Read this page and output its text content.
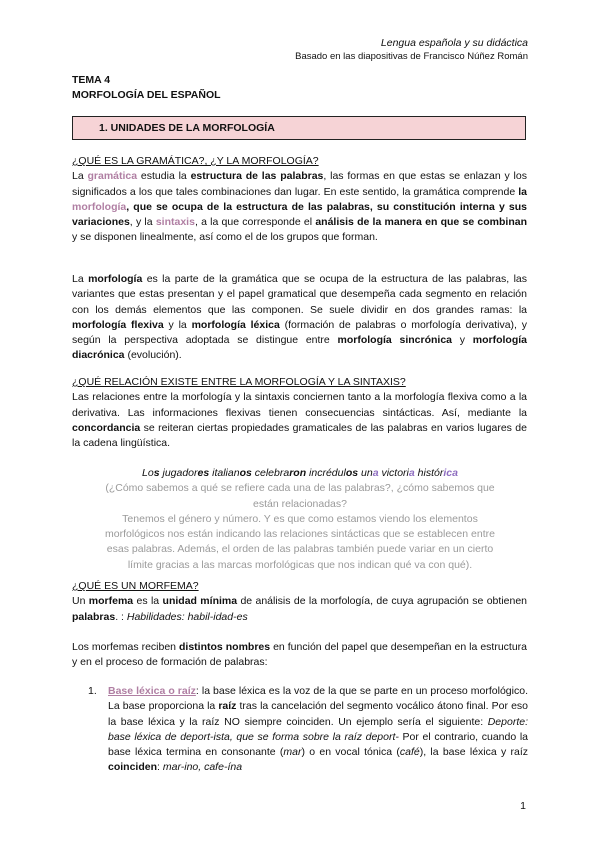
Lengua española y su didáctica
Basado en las diapositivas de Francisco Núñez Román
TEMA 4
MORFOLOGÍA DEL ESPAÑOL
1. UNIDADES DE LA MORFOLOGÍA
¿QUÉ ES LA GRAMÁTICA?, ¿Y LA MORFOLOGÍA?
La gramática estudia la estructura de las palabras, las formas en que estas se enlazan y los significados a los que tales combinaciones dan lugar. En este sentido, la gramática comprende la morfología, que se ocupa de la estructura de las palabras, su constitución interna y sus variaciones, y la sintaxis, a la que corresponde el análisis de la manera en que se combinan y se disponen linealmente, así como el de los grupos que forman.
La morfología es la parte de la gramática que se ocupa de la estructura de las palabras, las variantes que estas presentan y el papel gramatical que desempeña cada segmento en relación con los demás elementos que las componen. Se suele dividir en dos grandes ramas: la morfología flexiva y la morfología léxica (formación de palabras o morfología derivativa), y según la perspectiva adoptada se distingue entre morfología sincrónica y morfología diacrónica (evolución).
¿QUÉ RELACIÓN EXISTE ENTRE LA MORFOLOGÍA Y LA SINTAXIS?
Las relaciones entre la morfología y la sintaxis conciernen tanto a la morfología flexiva como a la derivativa. Las informaciones flexivas tienen consecuencias sintácticas. Así, mediante la concordancia se reiteran ciertas propiedades gramaticales de las palabras en varios lugares de la cadena lingüística.
Los jugadores italianos celebraron incrédulos una victoria histórica
(¿Cómo sabemos a qué se refiere cada una de las palabras?, ¿cómo sabemos que están relacionadas?
Tenemos el género y número. Y es que como estamos viendo los elementos morfológicos nos están indicando las relaciones sintácticas que se establecen entre esas palabras. Además, el orden de las palabras también puede variar en un cierto límite gracias a las marcas morfológicas que nos indican qué va con qué).
¿QUÉ ES UN MORFEMA?
Un morfema es la unidad mínima de análisis de la morfología, de cuya agrupación se obtienen palabras. : Habilidades: habil-idad-es
Los morfemas reciben distintos nombres en función del papel que desempeñan en la estructura y en el proceso de formación de palabras:
1. Base léxica o raíz: la base léxica es la voz de la que se parte en un proceso morfológico. La base proporciona la raíz tras la cancelación del segmento vocálico átono final. Por eso la base léxica y la raíz NO siempre coinciden. Un ejemplo sería el siguiente: Deporte: base léxica de deport-ista, que se forma sobre la raíz deport- Por el contrario, cuando la base léxica termina en consonante (mar) o en vocal tónica (café), la base léxica y raíz coinciden: mar-ino, cafe-ína
1
